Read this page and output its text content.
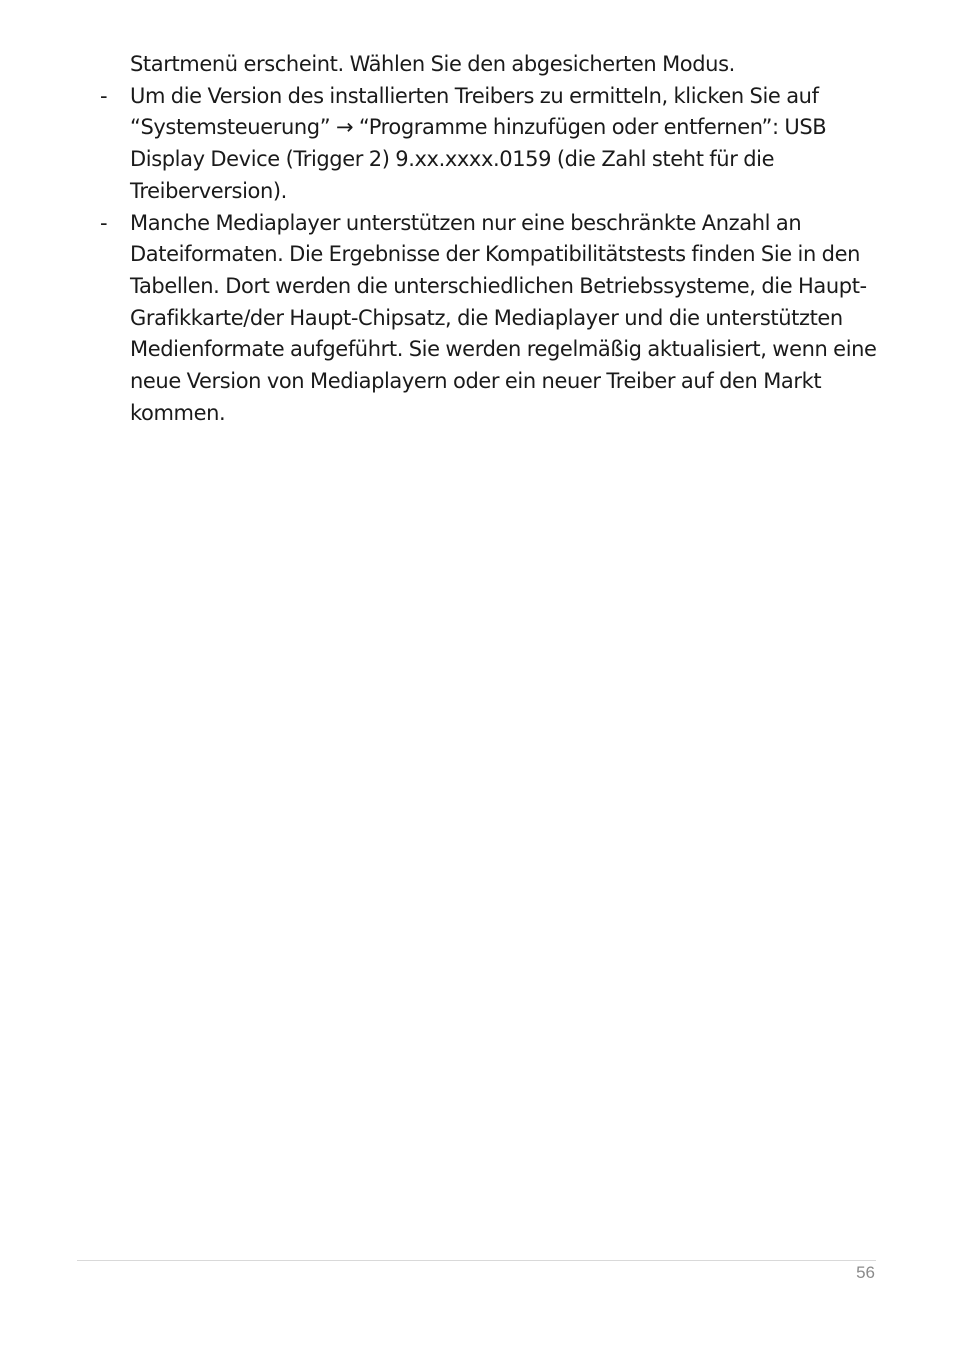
Startmenü erscheint. Wählen Sie den abgesicherten Modus.

-	Um die Version des installierten Treibers zu ermitteln, klicken Sie auf “Systemsteuerung” → “Programme hinzufügen oder entfernen”: USB Display Device (Trigger 2) 9.xx.xxxx.0159 (die Zahl steht für die Treiberversion).
-	Manche Mediaplayer unterstützen nur eine beschränkte Anzahl an Dateiformaten. Die Ergebnisse der Kompatibilitätstests finden Sie in den Tabellen. Dort werden die unterschiedlichen Betriebssysteme, die Haupt-Grafikkarte/der Haupt-Chipsatz, die Mediaplayer und die unterstützten Medienformate aufgeführt. Sie werden regelmäßig aktualisiert, wenn eine neue Version von Mediaplayern oder ein neuer Treiber auf den Markt kommen.
56
